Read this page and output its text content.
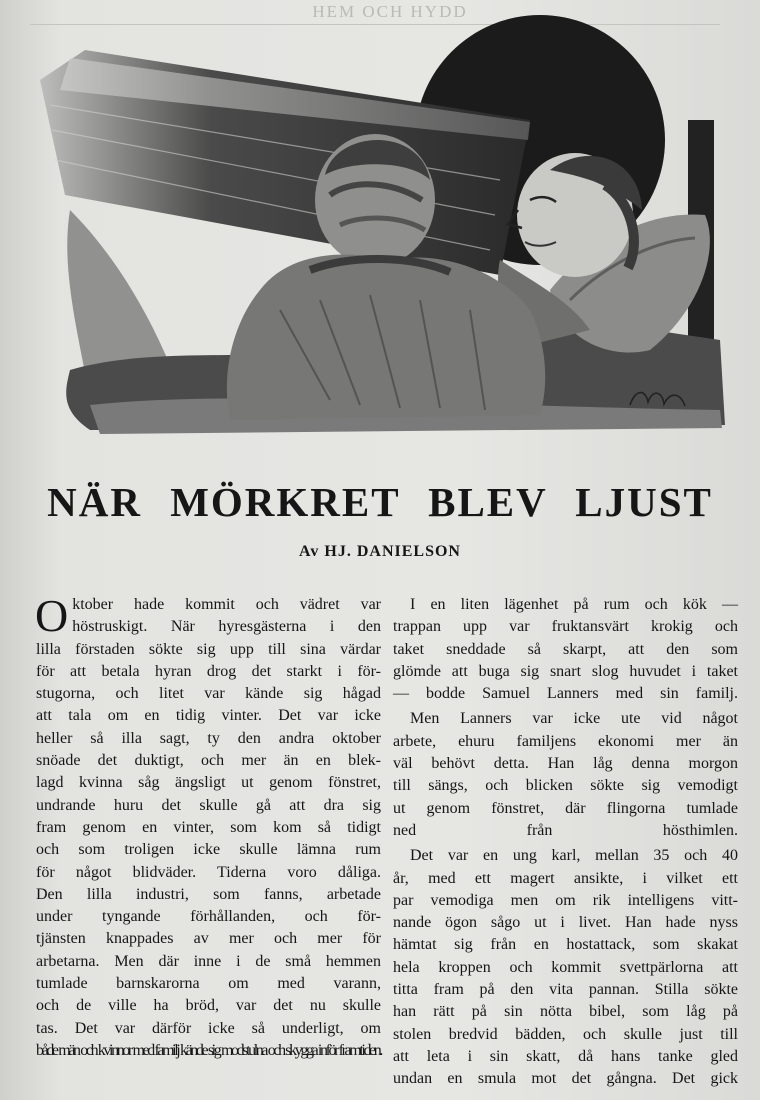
HEM OCH HYDD
NÄR MÖRKRET BLEV LJUST

Av HJ. DANIELSON

O ktober hade kommit och vädret var
höstruskigt. När hyresgästerna i den
lilla förstaden sökte sig upp till sina värdar
för att betala hyran drog det starkt i för-
stugorna, och litet var kände sig hågad
att tala om en tidig vinter. Det var icke
heller så illa sagt, ty den andra oktober
snöade det duktigt, och mer än en blek-
lagd kvinna såg ängsligt ut genom fönstret,
undrande huru det skulle gå att dra sig
fram genom en vinter, som kom så tidigt
och som troligen icke skulle lämna rum
för något blidväder. Tiderna voro dåliga.
Den lilla industri, som fanns, arbetade
under tyngande förhållanden, och för-
tjänsten knappades av mer och mer för
arbetarna. Men där inne i de små hemmen
tumlade barnskarorna om med varann,
och de ville ha bröd, var det nu skulle
tas. Det var därför icke så underligt, om
både män och kvinnor med familj kände sig modstulna och skygga inför framtiden.

I en liten lägenhet på rum och kök —
trappan upp var fruktansvärt krokig och
taket sneddade så skarpt, att den som
glömde att buga sig snart slog huvudet i taket
— bodde Samuel Lanners med sin familj.

Men Lanners var icke ute vid något
arbete, ehuru familjens ekonomi mer än
väl behövt detta. Han låg denna morgon
till sängs, och blicken sökte sig vemodigt
ut genom fönstret, där flingorna tumlade
ned från hösthimlen.

Det var en ung karl, mellan 35 och 40
år, med ett magert ansikte, i vilket ett
par vemodiga men om rik intelligens vitt-
nande ögon sågo ut i livet. Han hade nyss
hämtat sig från en hostattack, som skakat
hela kroppen och kommit svettpärlorna att
titta fram på den vita pannan. Stilla sökte
han rätt på sin nötta bibel, som låg på
stolen bredvid bädden, och skulle just till
att leta i sin skatt, då hans tanke gled
undan en smula mot det gångna. Det gick
